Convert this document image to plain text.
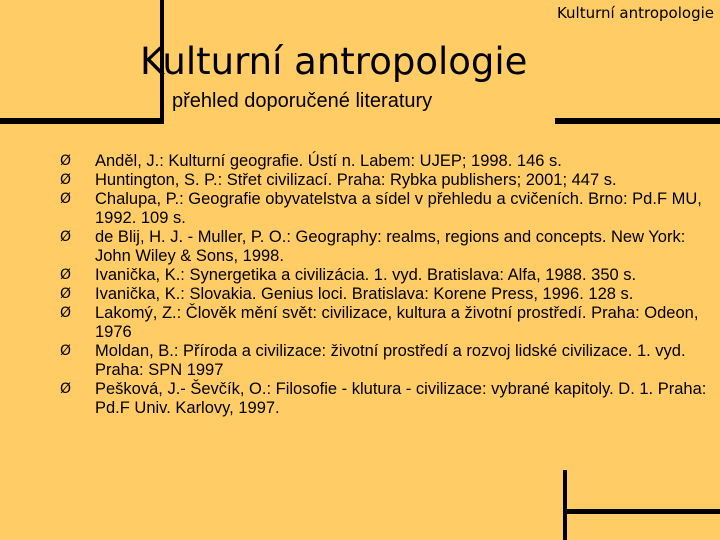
Kulturní antropologie
Kulturní antropologie
přehled doporučené literatury
Ø Anděl, J.: Kulturní geografie. Ústí n. Labem: UJEP; 1998. 146 s.
Ø Huntington, S. P.: Střet civilizací. Praha: Rybka publishers; 2001; 447 s.
Ø Chalupa, P.: Geografie obyvatelstva a sídel v přehledu a cvičeních. Brno: Pd.F MU, 1992. 109 s.
Ø de Blij, H. J. - Muller, P. O.: Geography: realms, regions and concepts. New York: John Wiley & Sons, 1998.
Ø Ivanička, K.: Synergetika a civilizácia. 1. vyd. Bratislava: Alfa, 1988. 350 s.
Ø Ivanička, K.: Slovakia. Genius loci. Bratislava: Korene Press, 1996. 128 s.
Ø Lakomý, Z.: Člověk mění svět: civilizace, kultura a životní prostředí. Praha: Odeon, 1976
Ø Moldan, B.: Příroda a civilizace: životní prostředí a rozvoj lidské civilizace. 1. vyd. Praha: SPN 1997
Ø Pešková, J.- Ševčík, O.: Filosofie - klutura - civilizace: vybrané kapitoly. D. 1. Praha: Pd.F Univ. Karlovy, 1997.
